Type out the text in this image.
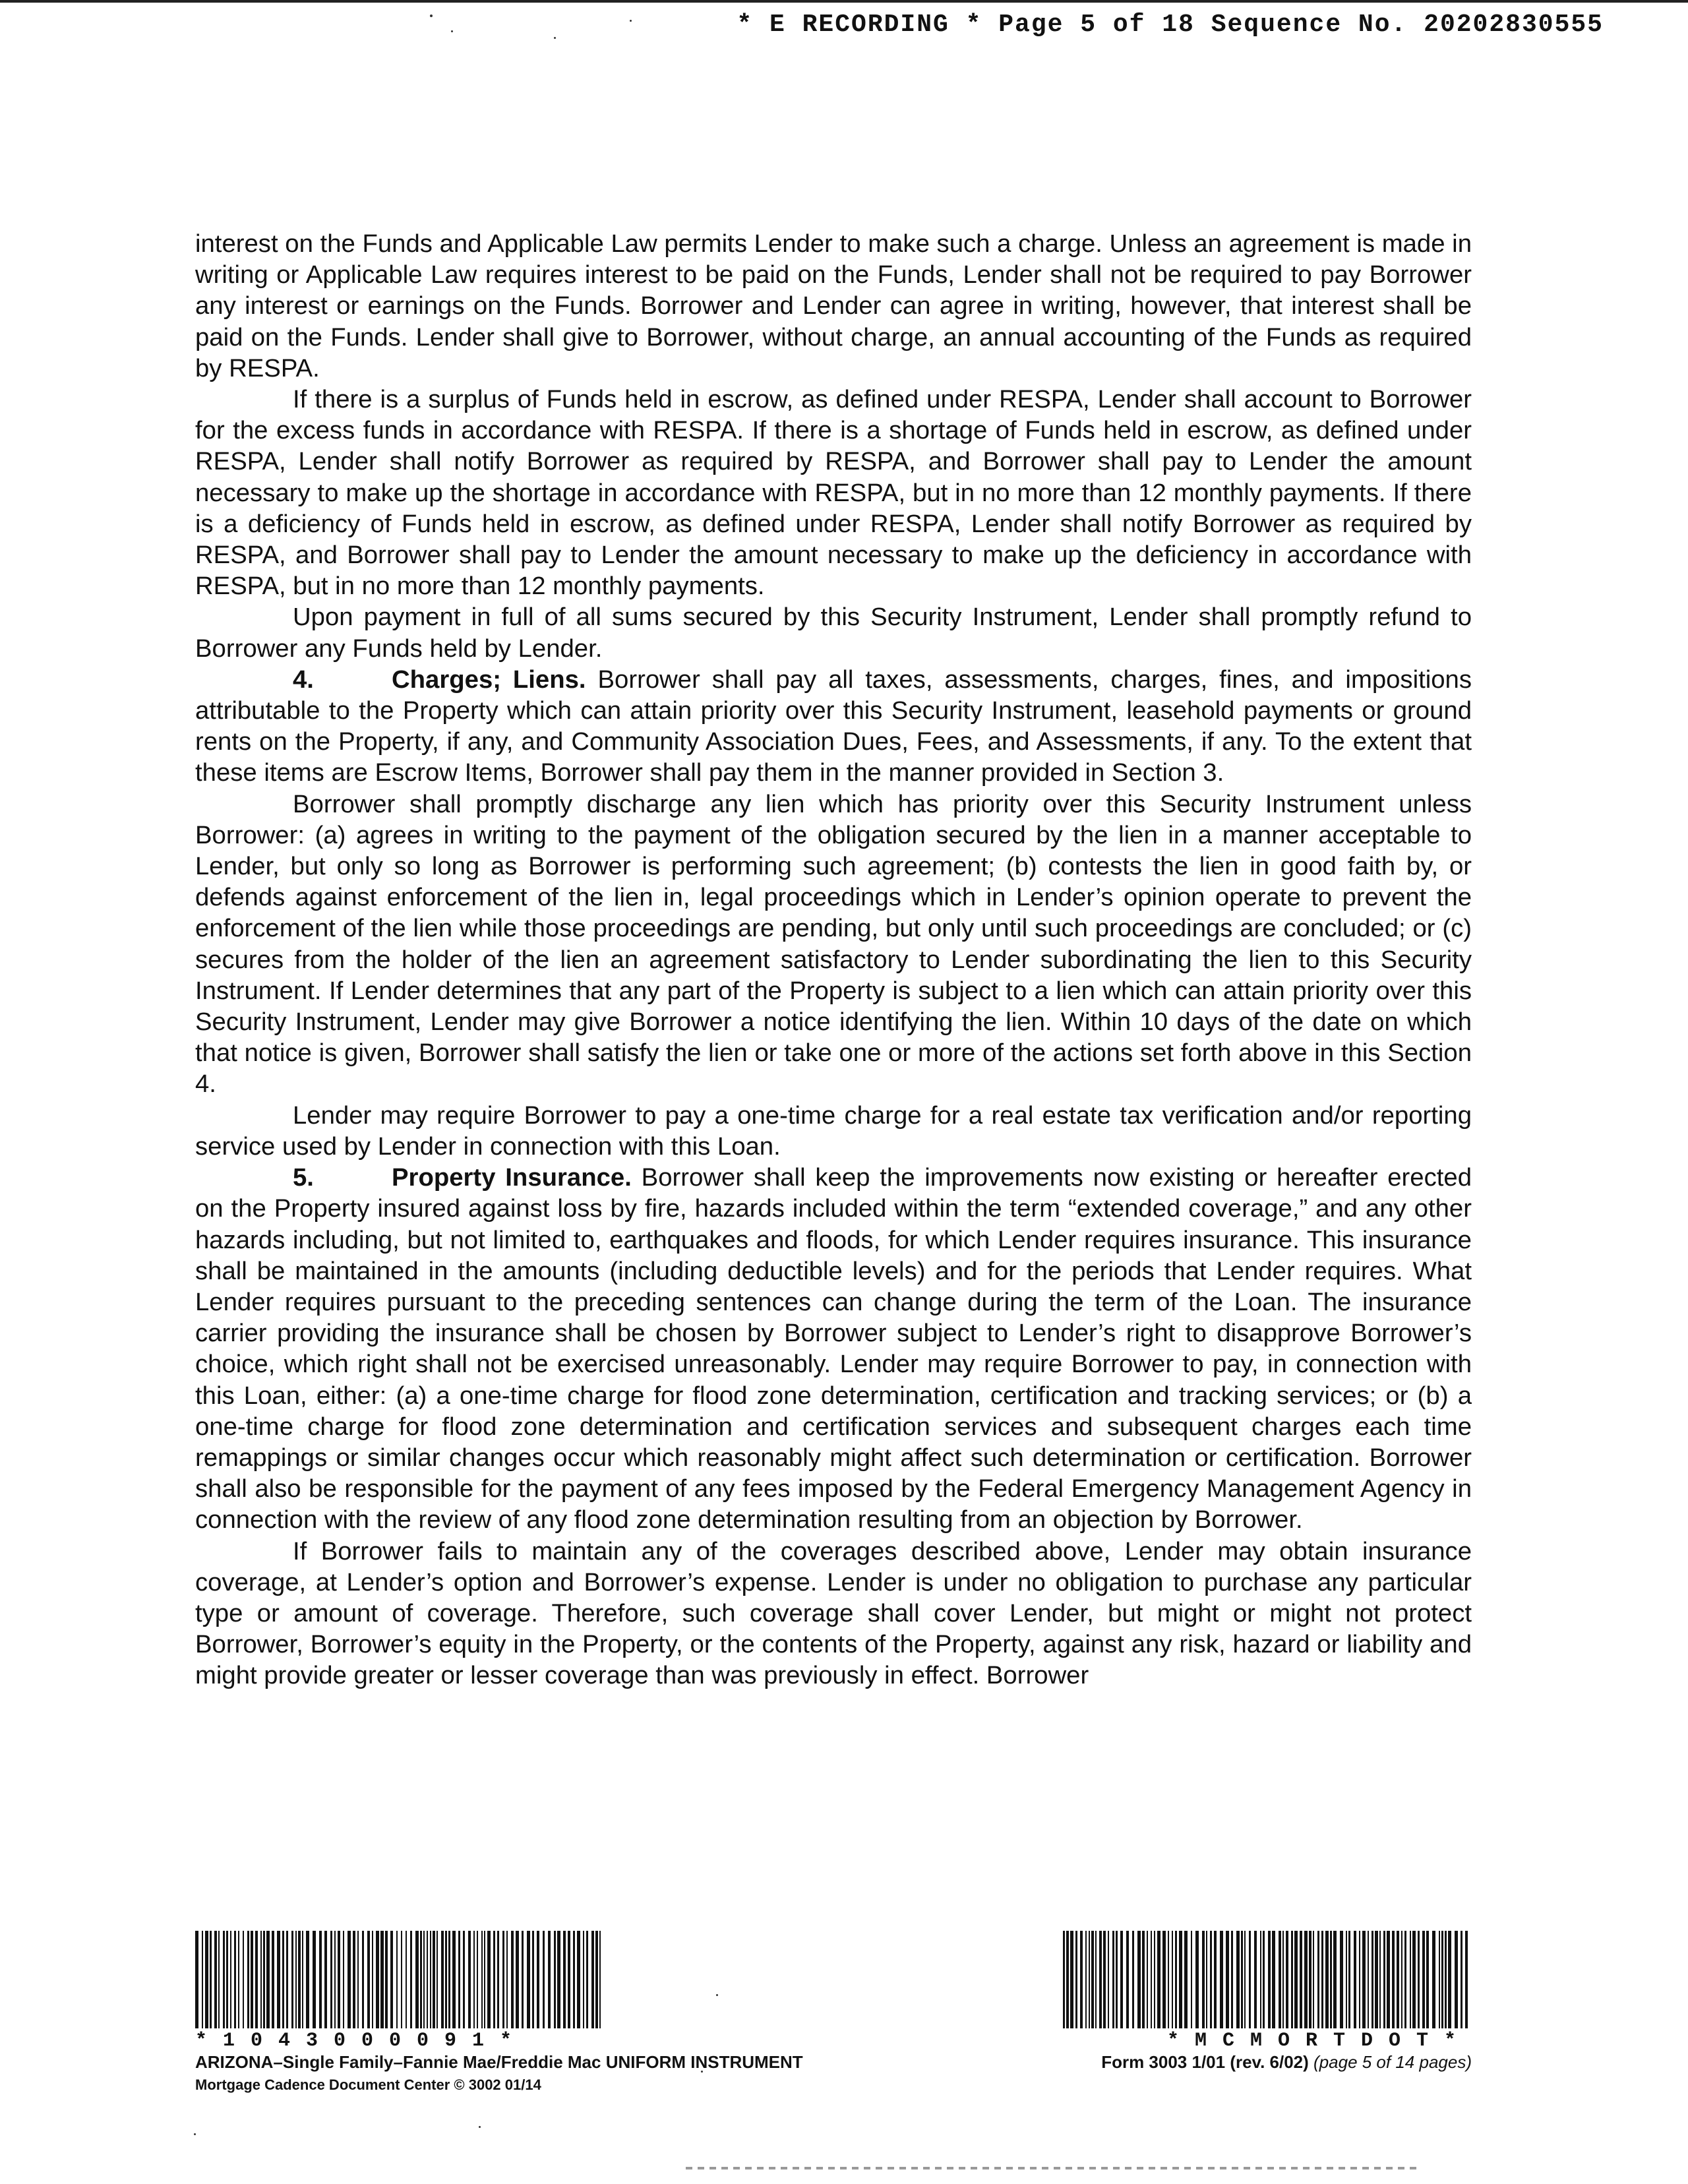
* E RECORDING * Page 5 of 18 Sequence No. 20202830555

interest on the Funds and Applicable Law permits Lender to make such a charge. Unless an agreement is made in writing or Applicable Law requires interest to be paid on the Funds, Lender shall not be required to pay Borrower any interest or earnings on the Funds. Borrower and Lender can agree in writing, however, that interest shall be paid on the Funds. Lender shall give to Borrower, without charge, an annual accounting of the Funds as required by RESPA.

If there is a surplus of Funds held in escrow, as defined under RESPA, Lender shall account to Borrower for the excess funds in accordance with RESPA. If there is a shortage of Funds held in escrow, as defined under RESPA, Lender shall notify Borrower as required by RESPA, and Borrower shall pay to Lender the amount necessary to make up the shortage in accordance with RESPA, but in no more than 12 monthly payments. If there is a deficiency of Funds held in escrow, as defined under RESPA, Lender shall notify Borrower as required by RESPA, and Borrower shall pay to Lender the amount necessary to make up the deficiency in accordance with RESPA, but in no more than 12 monthly payments.

Upon payment in full of all sums secured by this Security Instrument, Lender shall promptly refund to Borrower any Funds held by Lender.

4.	Charges; Liens. Borrower shall pay all taxes, assessments, charges, fines, and impositions attributable to the Property which can attain priority over this Security Instrument, leasehold payments or ground rents on the Property, if any, and Community Association Dues, Fees, and Assessments, if any. To the extent that these items are Escrow Items, Borrower shall pay them in the manner provided in Section 3.

Borrower shall promptly discharge any lien which has priority over this Security Instrument unless Borrower: (a) agrees in writing to the payment of the obligation secured by the lien in a manner acceptable to Lender, but only so long as Borrower is performing such agreement; (b) contests the lien in good faith by, or defends against enforcement of the lien in, legal proceedings which in Lender’s opinion operate to prevent the enforcement of the lien while those proceedings are pending, but only until such proceedings are concluded; or (c) secures from the holder of the lien an agreement satisfactory to Lender subordinating the lien to this Security Instrument. If Lender determines that any part of the Property is subject to a lien which can attain priority over this Security Instrument, Lender may give Borrower a notice identifying the lien. Within 10 days of the date on which that notice is given, Borrower shall satisfy the lien or take one or more of the actions set forth above in this Section 4.

Lender may require Borrower to pay a one-time charge for a real estate tax verification and/or reporting service used by Lender in connection with this Loan.

5.	Property Insurance. Borrower shall keep the improvements now existing or hereafter erected on the Property insured against loss by fire, hazards included within the term “extended coverage,” and any other hazards including, but not limited to, earthquakes and floods, for which Lender requires insurance. This insurance shall be maintained in the amounts (including deductible levels) and for the periods that Lender requires. What Lender requires pursuant to the preceding sentences can change during the term of the Loan. The insurance carrier providing the insurance shall be chosen by Borrower subject to Lender’s right to disapprove Borrower’s choice, which right shall not be exercised unreasonably. Lender may require Borrower to pay, in connection with this Loan, either: (a) a one-time charge for flood zone determination, certification and tracking services; or (b) a one-time charge for flood zone determination and certification services and subsequent charges each time remappings or similar changes occur which reasonably might affect such determination or certification. Borrower shall also be responsible for the payment of any fees imposed by the Federal Emergency Management Agency in connection with the review of any flood zone determination resulting from an objection by Borrower.

If Borrower fails to maintain any of the coverages described above, Lender may obtain insurance coverage, at Lender’s option and Borrower’s expense. Lender is under no obligation to purchase any particular type or amount of coverage. Therefore, such coverage shall cover Lender, but might or might not protect Borrower, Borrower’s equity in the Property, or the contents of the Property, against any risk, hazard or liability and might provide greater or lesser coverage than was previously in effect. Borrower

*1043000091*
ARIZONA–Single Family–Fannie Mae/Freddie Mac UNIFORM INSTRUMENT
Mortgage Cadence Document Center © 3002 01/14
*MCMORTDOT*
Form 3003 1/01 (rev. 6/02) (page 5 of 14 pages)
